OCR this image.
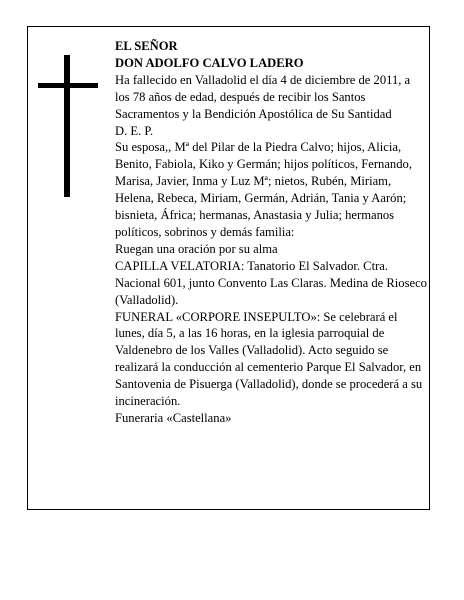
EL SEÑOR

DON ADOLFO CALVO LADERO

Ha fallecido en Valladolid el día 4 de diciembre de 2011, a los 78 años de edad, después de recibir los Santos Sacramentos y la Bendición Apostólica de Su Santidad

D. E. P.

Su esposa,, Mª del Pilar de la Piedra Calvo; hijos, Alicia, Benito, Fabiola, Kiko y Germán; hijos políticos, Fernando, Marisa, Javier, Inma y Luz Mª; nietos, Rubén, Miriam, Helena, Rebeca, Miriam, Germán, Adrián, Tania y Aarón; bisnieta, África; hermanas, Anastasia y Julia; hermanos políticos, sobrinos y demás familia:

Ruegan una oración por su alma

CAPILLA VELATORIA: Tanatorio El Salvador. Ctra. Nacional 601, junto Convento Las Claras. Medina de Rioseco (Valladolid).

FUNERAL «CORPORE INSEPULTO»: Se celebrará el lunes, día 5, a las 16 horas, en la iglesia parroquial de Valdenebro de los Valles (Valladolid). Acto seguido se realizará la conducción al cementerio Parque El Salvador, en Santovenia de Pisuerga (Valladolid), donde se procederá a su incineración.

Funeraria «Castellana»
